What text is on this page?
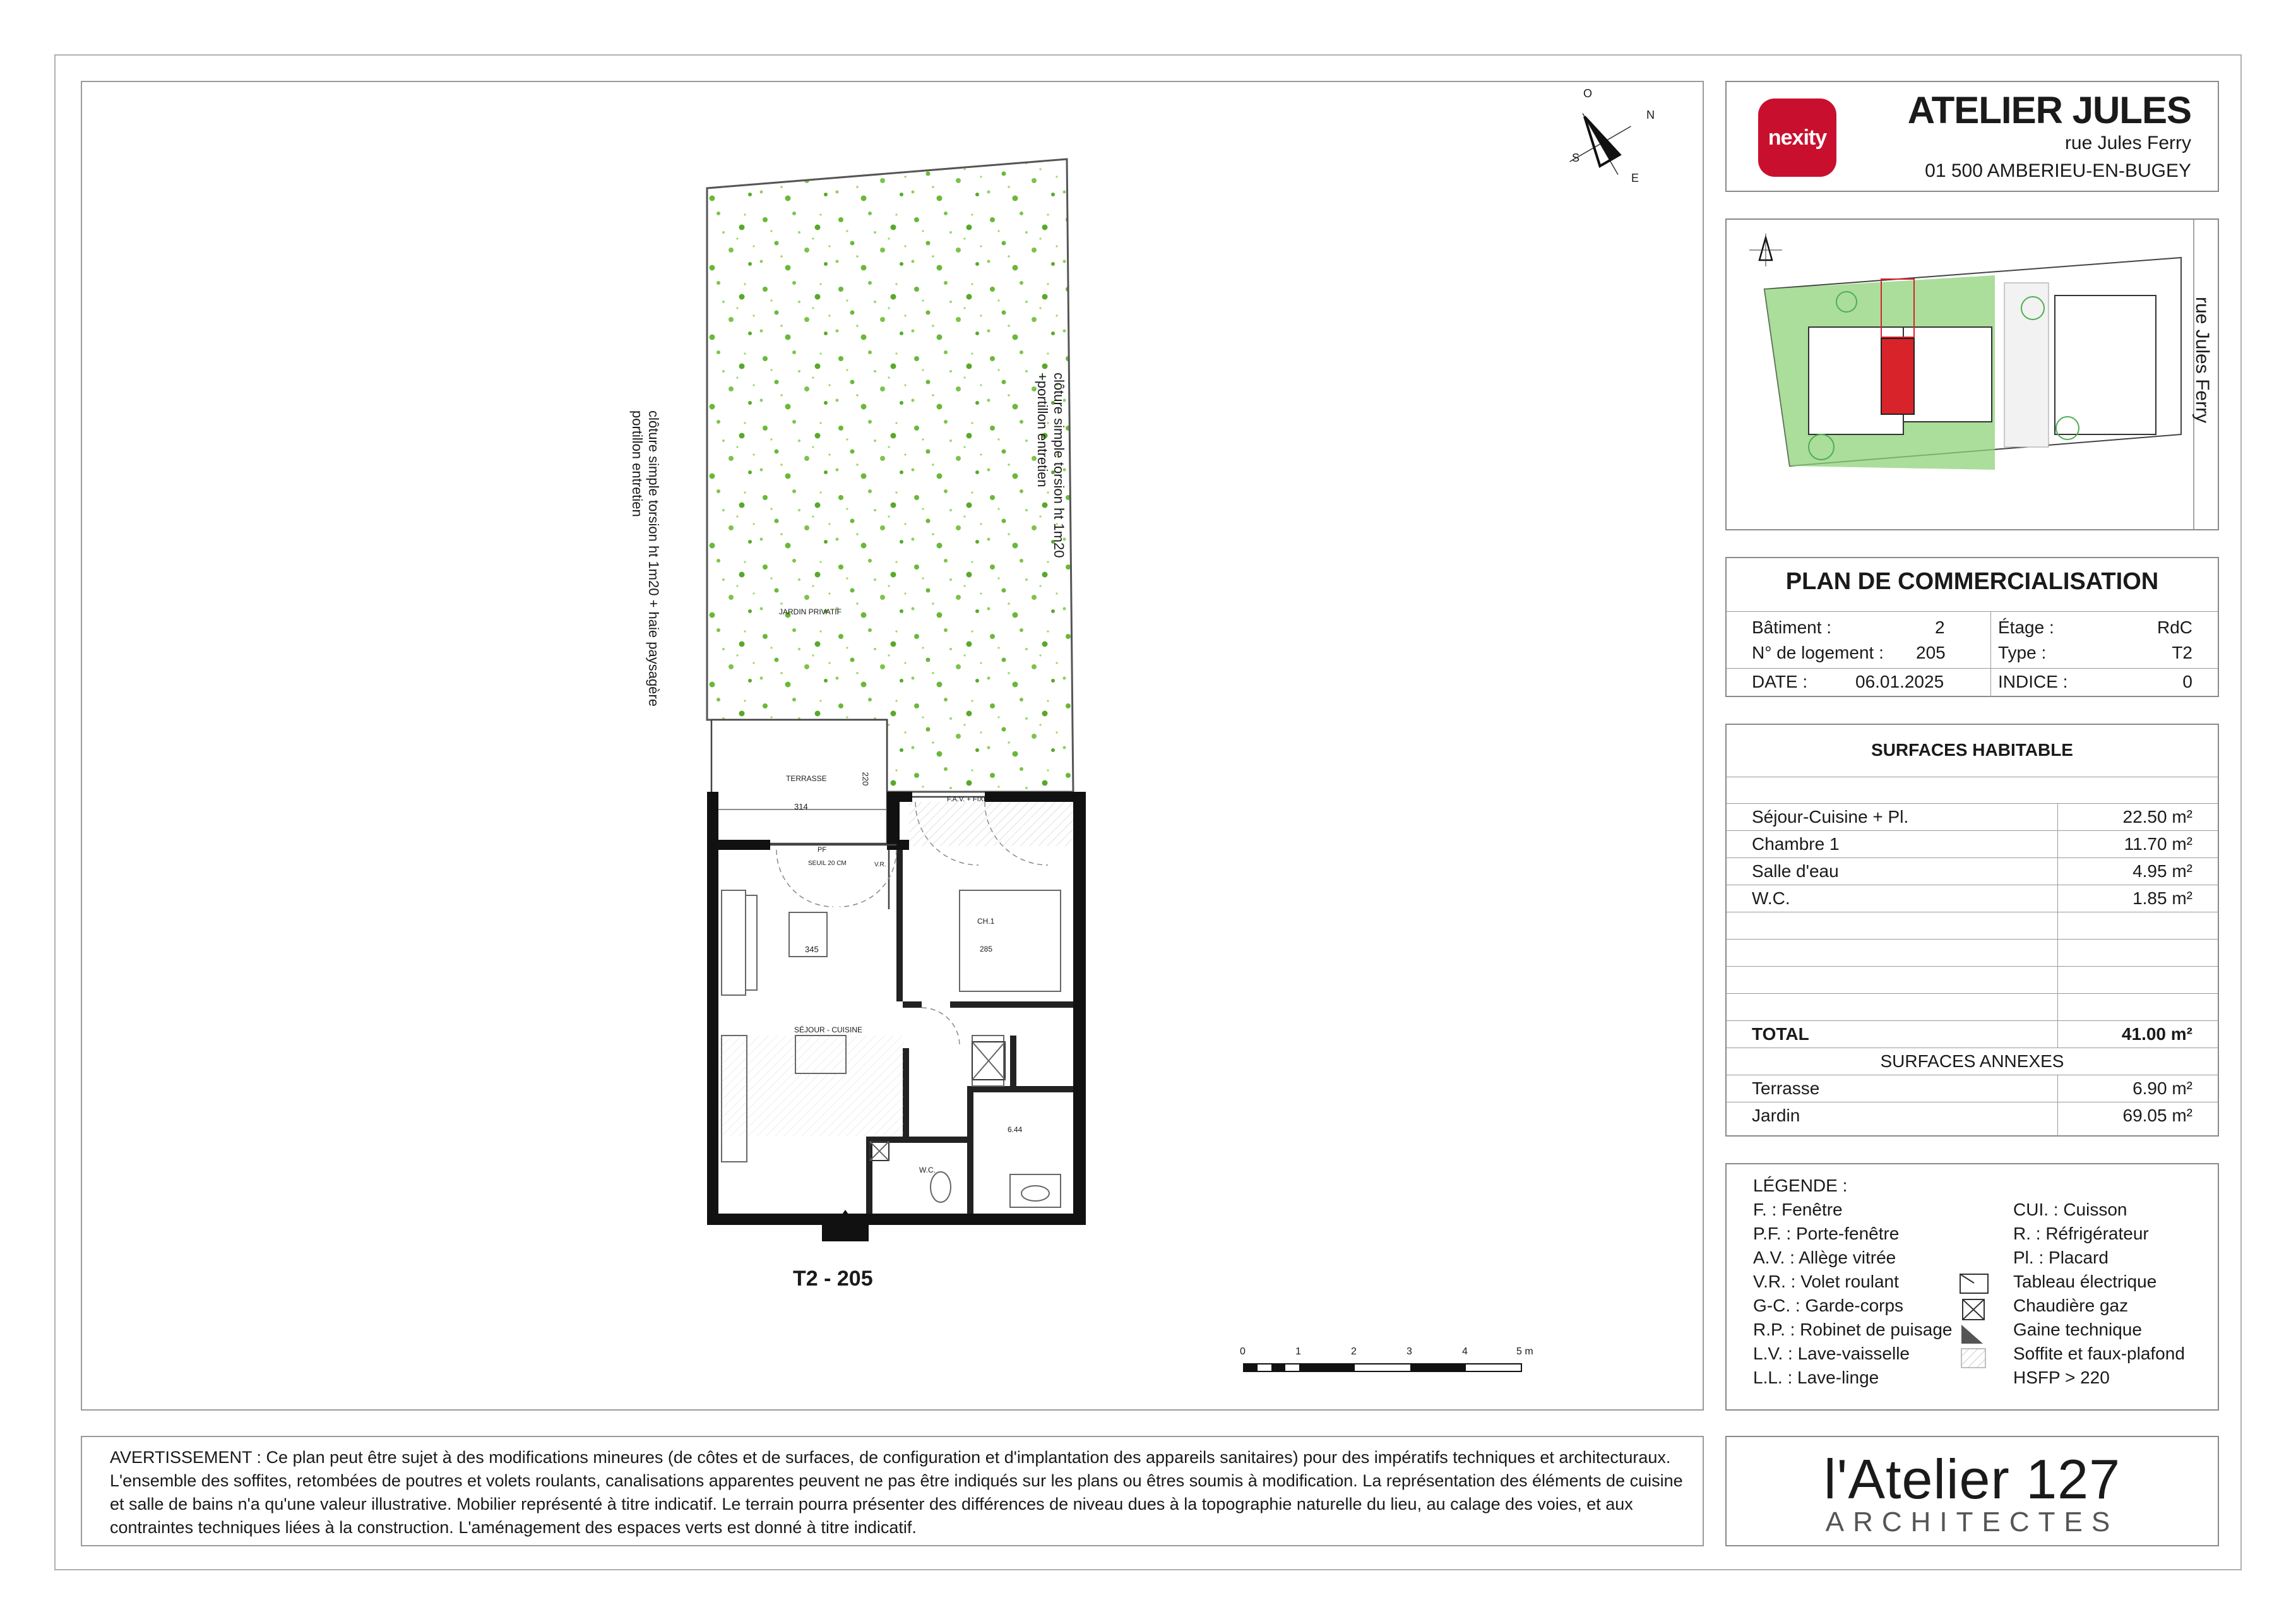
O
N
S
E
clôture simple torsion ht 1m20 + haie paysagère
portillon entretien	clôture simple torsion ht 1m20
+portillon entretien
JARDIN PRIVATIF
TERRASSE
314
220
F.A.V. + FIXE
PF
SEUIL 20 CM	V.R.
345
SÉJOUR - CUISINE
CH.1
285
6.44
W.C.
T2 - 205
0	1	2	3	4	5 m
nexity
ATELIER JULES
rue Jules Ferry
01 500 AMBERIEU-EN-BUGEY
rue Jules Ferry
PLAN DE COMMERCIALISATION
Bâtiment :	2	Étage :	RdC
N° de logement : 205	Type :	T2
DATE :	06.01.2025	INDICE :	0
SURFACES HABITABLE
Séjour-Cuisine + Pl.	22.50 m²
Chambre 1	11.70 m²
Salle d'eau	4.95 m²
W.C.	1.85 m²
TOTAL	41.00 m²
SURFACES ANNEXES
Terrasse	6.90 m²
Jardin	69.05 m²
LÉGENDE :
F. : Fenêtre
P.F. : Porte-fenêtre
A.V. : Allège vitrée
V.R. : Volet roulant
G-C. : Garde-corps
R.P. : Robinet de puisage
L.V. : Lave-vaisselle
L.L. : Lave-linge
CUI. : Cuisson
R. : Réfrigérateur
Pl. : Placard
Tableau électrique
Chaudière gaz
Gaine technique
Soffite et faux-plafond
HSFP > 220
AVERTISSEMENT : Ce plan peut être sujet à des modifications mineures (de côtes et de surfaces, de configuration et d'implantation des appareils sanitaires) pour des impératifs techniques et architecturaux. L'ensemble des soffites, retombées de poutres et volets roulants, canalisations apparentes peuvent ne pas être indiqués sur les plans ou êtres soumis à modification. La représentation des éléments de cuisine et salle de bains n'a qu'une valeur illustrative. Mobilier représenté à titre indicatif. Le terrain pourra présenter des différences de niveau dues à la topographie naturelle du lieu, au calage des voies, et aux contraintes techniques liées à la construction. L'aménagement des espaces verts est donné à titre indicatif.
l'Atelier 127
ARCHITECTES
